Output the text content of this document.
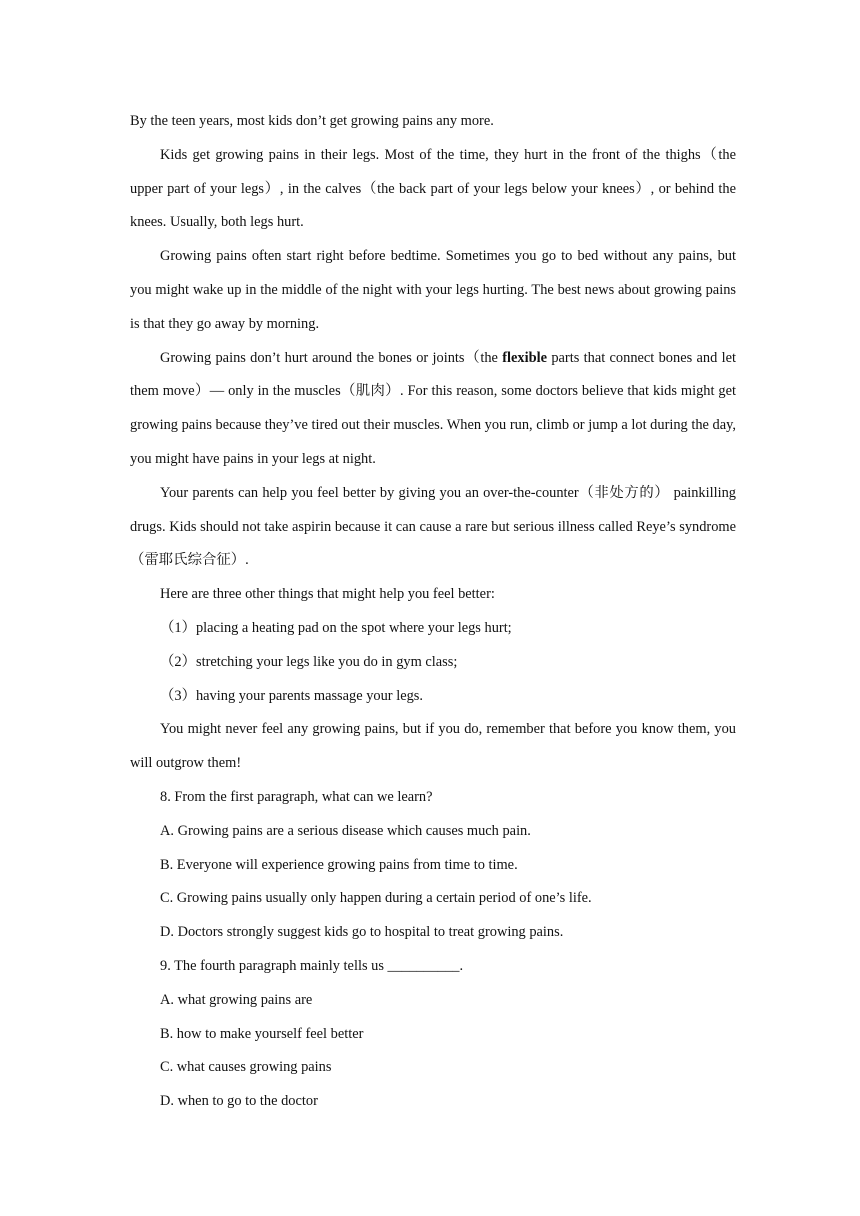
By the teen years, most kids don’t get growing pains any more.

Kids get growing pains in their legs. Most of the time, they hurt in the front of the thighs（the upper part of your legs）, in the calves（the back part of your legs below your knees）, or behind the knees. Usually, both legs hurt.

Growing pains often start right before bedtime. Sometimes you go to bed without any pains, but you might wake up in the middle of the night with your legs hurting. The best news about growing pains is that they go away by morning.

Growing pains don’t hurt around the bones or joints（the flexible parts that connect bones and let them move）— only in the muscles（肌肉）. For this reason, some doctors believe that kids might get growing pains because they’ve tired out their muscles. When you run, climb or jump a lot during the day, you might have pains in your legs at night.

Your parents can help you feel better by giving you an over-the-counter（非处方的） painkilling drugs. Kids should not take aspirin because it can cause a rare but serious illness called Reye’s syndrome（雷耶氏综合征）.

Here are three other things that might help you feel better:

（1）placing a heating pad on the spot where your legs hurt;

（2）stretching your legs like you do in gym class;

（3）having your parents massage your legs.

You might never feel any growing pains, but if you do, remember that before you know them, you will outgrow them!

8. From the first paragraph, what can we learn?

A. Growing pains are a serious disease which causes much pain.

B. Everyone will experience growing pains from time to time.

C. Growing pains usually only happen during a certain period of one’s life.

D. Doctors strongly suggest kids go to hospital to treat growing pains.

9. The fourth paragraph mainly tells us __________.

A. what growing pains are

B. how to make yourself feel better

C. what causes growing pains

D. when to go to the doctor
